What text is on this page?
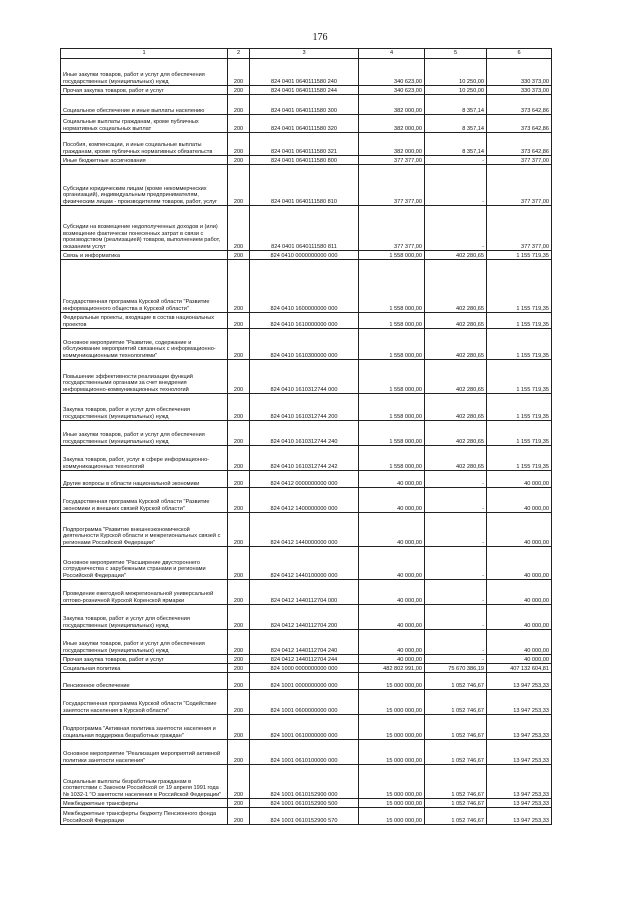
176
1	2	3	4	5	6
Иные закупки товаров, работ и услуг для обеспечения государственных (муниципальных) нужд	200	824 0401 0640111580 240	340 623,00	10 250,00	330 373,00
Прочая закупка товаров, работ и услуг	200	824 0401 0640111580 244	340 623,00	10 250,00	330 373,00
Социальное обеспечение и иные выплаты населению	200	824 0401 0640111580 300	382 000,00	8 357,14	373 642,86
Социальные выплаты гражданам, кроме публичных нормативных социальных выплат	200	824 0401 0640111580 320	382 000,00	8 357,14	373 642,86
Пособия, компенсации, и иные социальные выплаты гражданам, кроме публичных нормативных обязательств	200	824 0401 0640111580 321	382 000,00	8 357,14	373 642,86
Иные бюджетные ассигнования	200	824 0401 0640111580 800	377 377,00	-	377 377,00
Субсидии юридическим лицам (кроме некоммерческих организаций), индивидуальным предпринимателям, физическим лицам - производителям товаров, работ, услуг	200	824 0401 0640111580 810	377 377,00	-	377 377,00
Субсидии на возмещение недополученных доходов и (или) возмещение фактически понесенных затрат в связи с производством (реализацией) товаров, выполнением работ, оказанием услуг	200	824 0401 0640111580 811	377 377,00	-	377 377,00
Связь и информатика	200	824 0410 0000000000 000	1 558 000,00	402 280,65	1 155 719,35
Государственная программа Курской области "Развитие информационного общества в Курской области"	200	824 0410 1600000000 000	1 558 000,00	402 280,65	1 155 719,35
Федеральные проекты, входящие в состав национальных проектов	200	824 0410 1610000000 000	1 558 000,00	402 280,65	1 155 719,35
Основное мероприятие "Развитие, содержание и обслуживание мероприятий связанных с информационно-коммуникационными технологиями"	200	824 0410 1610300000 000	1 558 000,00	402 280,65	1 155 719,35
Повышение эффективности реализации функций государственными органами за счет внедрения информационно-коммуникационных технологий	200	824 0410 1610312744 000	1 558 000,00	402 280,65	1 155 719,35
Закупка товаров, работ и услуг для обеспечения государственных (муниципальных) нужд	200	824 0410 1610312744 200	1 558 000,00	402 280,65	1 155 719,35
Иные закупки товаров, работ и услуг для обеспечения государственных (муниципальных) нужд	200	824 0410 1610312744 240	1 558 000,00	402 280,65	1 155 719,35
Закупка товаров, работ, услуг в сфере информационно-коммуникационных технологий	200	824 0410 1610312744 242	1 558 000,00	402 280,65	1 155 719,35
Другие вопросы в области национальной экономики	200	824 0412 0000000000 000	40 000,00	-	40 000,00
Государственная программа Курской области "Развитие экономики и внешних связей Курской области"	200	824 0412 1400000000 000	40 000,00	-	40 000,00
Подпрограмма "Развитие внешнеэкономической деятельности Курской области и межрегиональных связей с регионами Российской Федерации"	200	824 0412 1440000000 000	40 000,00	-	40 000,00
Основное мероприятие "Расширение двустороннего сотрудничества с зарубежными странами и регионами Российской Федерации"	200	824 0412 1440100000 000	40 000,00	-	40 000,00
Проведение ежегодной межрегиональной универсальной оптово-розничной Курской Коренской ярмарки	200	824 0412 1440112704 000	40 000,00	-	40 000,00
Закупка товаров, работ и услуг для обеспечения государственных (муниципальных) нужд	200	824 0412 1440112704 200	40 000,00	-	40 000,00
Иные закупки товаров, работ и услуг для обеспечения государственных (муниципальных) нужд	200	824 0412 1440112704 240	40 000,00	-	40 000,00
Прочая закупка товаров, работ и услуг	200	824 0412 1440112704 244	40 000,00	-	40 000,00
Социальная политика	200	824 1000 0000000000 000	482 802 991,00	75 670 386,19	407 132 604,81
Пенсионное обеспечение	200	824 1001 0000000000 000	15 000 000,00	1 052 746,67	13 947 253,33
Государственная программа Курской области "Содействие занятости населения в Курской области"	200	824 1001 0600000000 000	15 000 000,00	1 052 746,67	13 947 253,33
Подпрограмма "Активная политика занятости населения и социальная поддержка безработных граждан"	200	824 1001 0610000000 000	15 000 000,00	1 052 746,67	13 947 253,33
Основное мероприятие "Реализация мероприятий активной политики занятости населения"	200	824 1001 0610100000 000	15 000 000,00	1 052 746,67	13 947 253,33
Социальные выплаты безработным гражданам в соответствии с Законом Российской от 19 апреля 1991 года № 1032-1 "О занятости населения в Российской Федерации"	200	824 1001 0610152900 000	15 000 000,00	1 052 746,67	13 947 253,33
Межбюджетные трансферты	200	824 1001 0610152900 500	15 000 000,00	1 052 746,67	13 947 253,33
Межбюджетные трансферты бюджету Пенсионного фонда Российской Федерации	200	824 1001 0610152900 570	15 000 000,00	1 052 746,67	13 947 253,33
